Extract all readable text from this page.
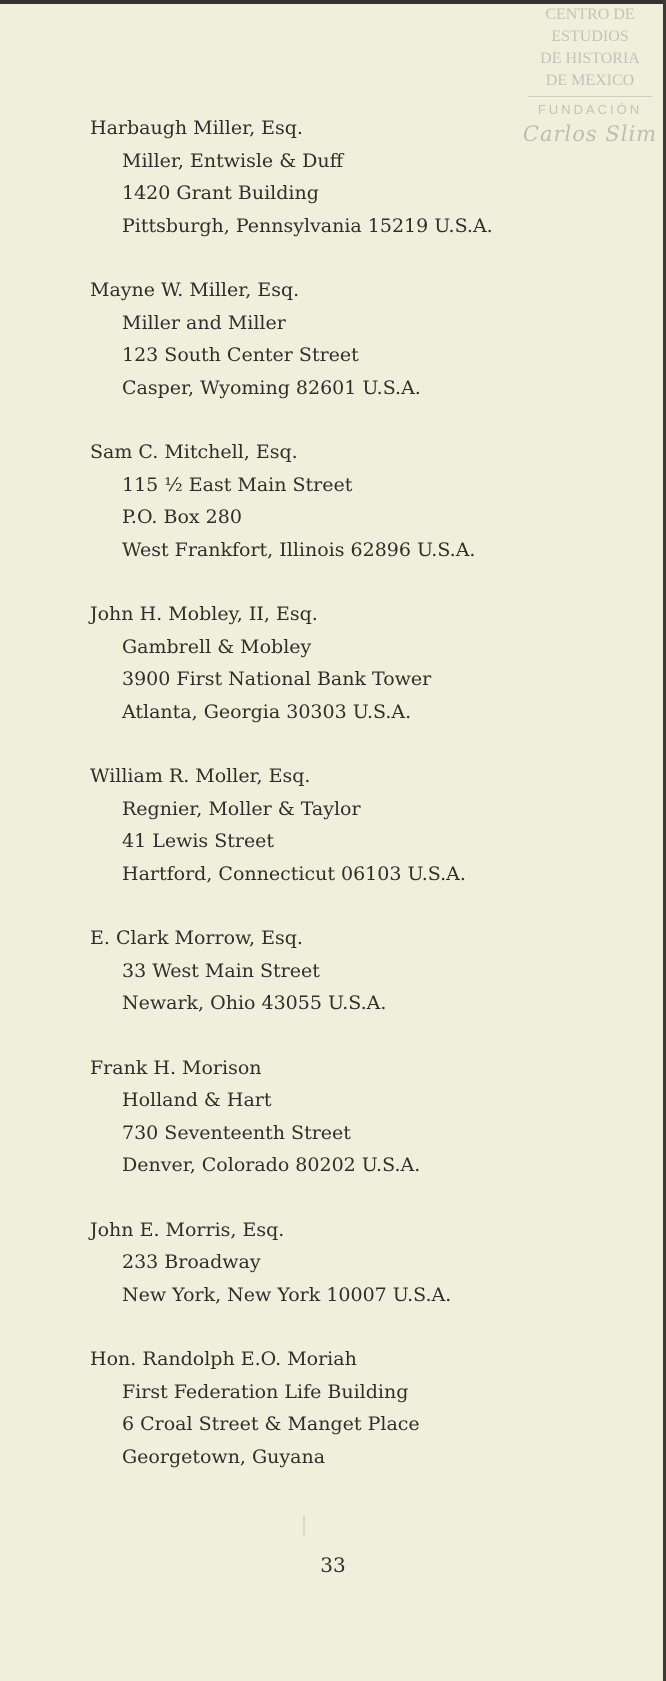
CENTRO DE
ESTUDIOS
DE HISTORIA
DE MEXICO
FUNDACIÓN
Carlos Slim
Harbaugh Miller, Esq.
Miller, Entwisle & Duff
1420 Grant Building
Pittsburgh, Pennsylvania 15219 U.S.A.
Mayne W. Miller, Esq.
Miller and Miller
123 South Center Street
Casper, Wyoming 82601 U.S.A.
Sam C. Mitchell, Esq.
115 ½ East Main Street
P.O. Box 280
West Frankfort, Illinois 62896 U.S.A.
John H. Mobley, II, Esq.
Gambrell & Mobley
3900 First National Bank Tower
Atlanta, Georgia 30303 U.S.A.
William R. Moller, Esq.
Regnier, Moller & Taylor
41 Lewis Street
Hartford, Connecticut 06103 U.S.A.
E. Clark Morrow, Esq.
33 West Main Street
Newark, Ohio 43055 U.S.A.
Frank H. Morison
Holland & Hart
730 Seventeenth Street
Denver, Colorado 80202 U.S.A.
John E. Morris, Esq.
233 Broadway
New York, New York 10007 U.S.A.
Hon. Randolph E.O. Moriah
First Federation Life Building
6 Croal Street & Manget Place
Georgetown, Guyana
33
